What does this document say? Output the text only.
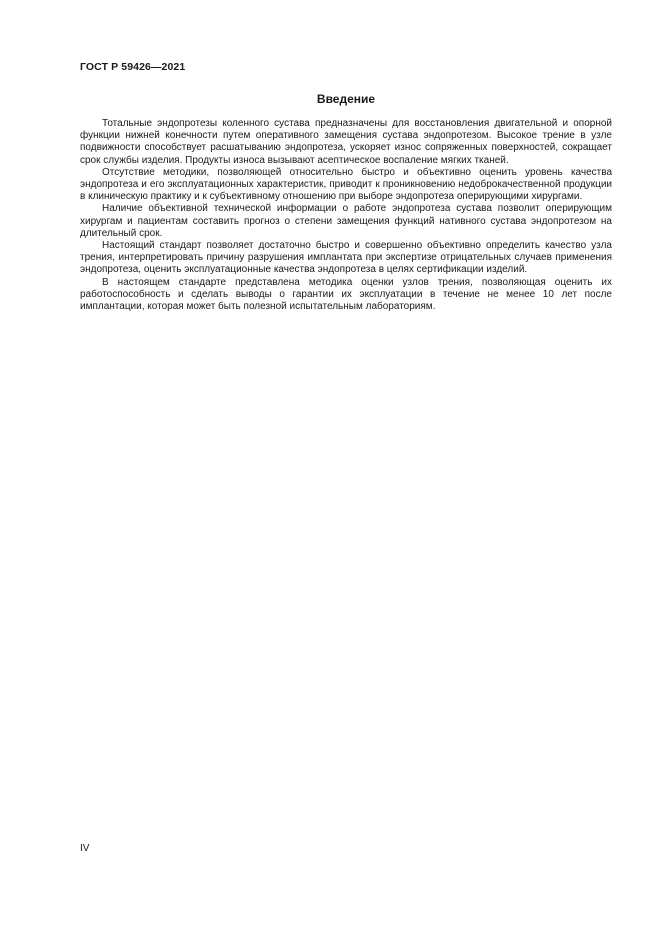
ГОСТ Р 59426—2021
Введение

Тотальные эндопротезы коленного сустава предназначены для восстановления двигательной и опорной функции нижней конечности путем оперативного замещения сустава эндопротезом. Высокое трение в узле подвижности способствует расшатыванию эндопротеза, ускоряет износ сопряженных поверхностей, сокращает срок службы изделия. Продукты износа вызывают асептическое воспаление мягких тканей.

Отсутствие методики, позволяющей относительно быстро и объективно оценить уровень качества эндопротеза и его эксплуатационных характеристик, приводит к проникновению недоброкачественной продукции в клиническую практику и к субъективному отношению при выборе эндопротеза оперирующими хирургами.

Наличие объективной технической информации о работе эндопротеза сустава позволит оперирующим хирургам и пациентам составить прогноз о степени замещения функций нативного сустава эндопротезом на длительный срок.

Настоящий стандарт позволяет достаточно быстро и совершенно объективно определить качество узла трения, интерпретировать причину разрушения имплантата при экспертизе отрицательных случаев применения эндопротеза, оценить эксплуатационные качества эндопротеза в целях сертификации изделий.

В настоящем стандарте представлена методика оценки узлов трения, позволяющая оценить их работоспособность и сделать выводы о гарантии их эксплуатации в течение не менее 10 лет после имплантации, которая может быть полезной испытательным лабораториям.

IV
